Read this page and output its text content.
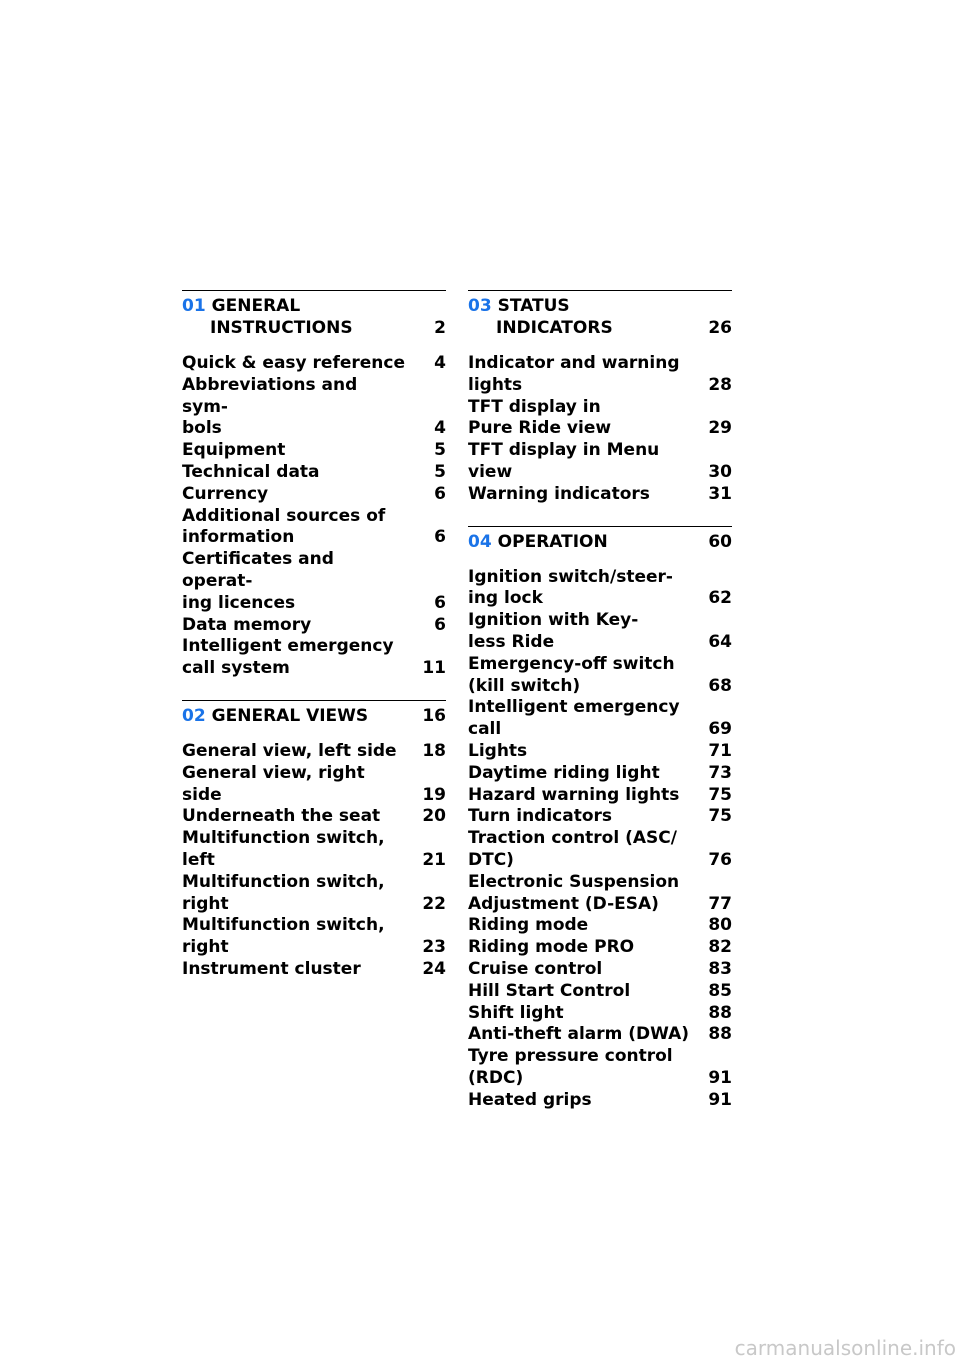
01 GENERAL
INSTRUCTIONS	2
Quick & easy reference	4
Abbreviations and sym-
bols	4
Equipment	5
Technical data	5
Currency	6
Additional sources of
information	6
Certificates and operat-
ing licences	6
Data memory	6
Intelligent emergency
call system	11
02 GENERAL VIEWS	16
General view, left side	18
General view, right
side	19
Underneath the seat	20
Multifunction switch,
left	21
Multifunction switch,
right	22
Multifunction switch,
right	23
Instrument cluster	24
03 STATUS
INDICATORS	26
Indicator and warning
lights	28
TFT display in
Pure Ride view	29
TFT display in Menu
view	30
Warning indicators	31
04 OPERATION	60
Ignition switch/steer-
ing lock	62
Ignition with Key-
less Ride	64
Emergency-off switch
(kill switch)	68
Intelligent emergency
call	69
Lights	71
Daytime riding light	73
Hazard warning lights	75
Turn indicators	75
Traction control (ASC/
DTC)	76
Electronic Suspension
Adjustment (D-ESA)	77
Riding mode	80
Riding mode PRO	82
Cruise control	83
Hill Start Control	85
Shift light	88
Anti-theft alarm (DWA)	88
Tyre pressure control
(RDC)	91
Heated grips	91
carmanualsonline.info
